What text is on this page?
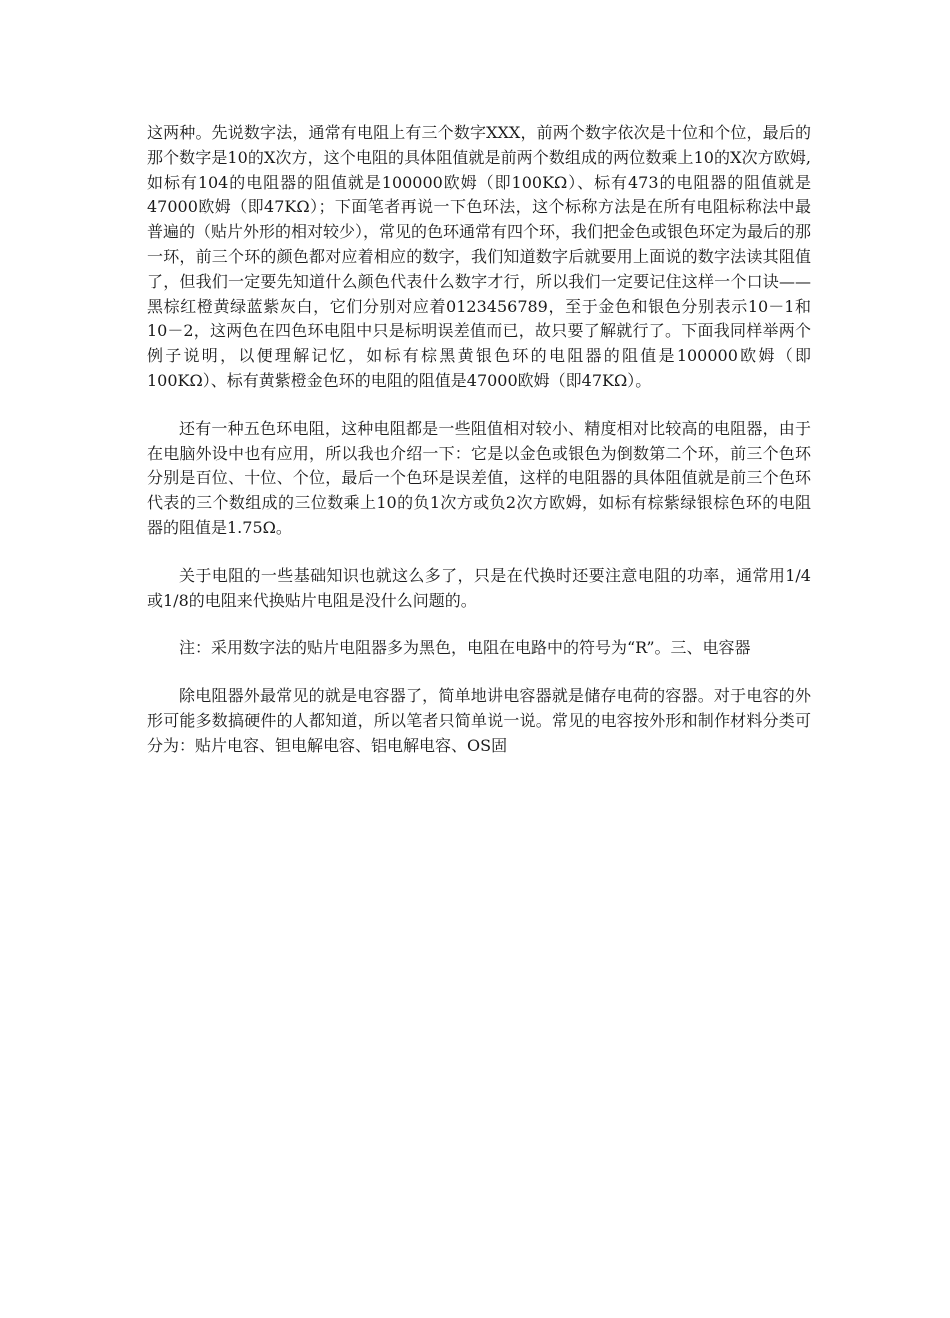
这两种。先说数字法，通常有电阻上有三个数字XXX，前两个数字依次是十位和个位，最后的那个数字是10的X次方，这个电阻的具体阻值就是前两个数组成的两位数乘上10的X次方欧姆,如标有104的电阻器的阻值就是100000欧姆（即100KΩ）、标有473的电阻器的阻值就是47000欧姆（即47KΩ）；下面笔者再说一下色环法，这个标称方法是在所有电阻标称法中最普遍的（贴片外形的相对较少），常见的色环通常有四个环，我们把金色或银色环定为最后的那一环，前三个环的颜色都对应着相应的数字，我们知道数字后就要用上面说的数字法读其阻值了，但我们一定要先知道什么颜色代表什么数字才行，所以我们一定要记住这样一个口诀——黑棕红橙黄绿蓝紫灰白，它们分别对应着0123456789，至于金色和银色分别表示10－1和10－2，这两色在四色环电阻中只是标明误差值而已，故只要了解就行了。下面我同样举两个例子说明，以便理解记忆，如标有棕黑黄银色环的电阻器的阻值是100000欧姆（即100KΩ）、标有黄紫橙金色环的电阻的阻值是47000欧姆（即47KΩ）。

还有一种五色环电阻，这种电阻都是一些阻值相对较小、精度相对比较高的电阻器，由于在电脑外设中也有应用，所以我也介绍一下：它是以金色或银色为倒数第二个环，前三个色环分别是百位、十位、个位，最后一个色环是误差值，这样的电阻器的具体阻值就是前三个色环代表的三个数组成的三位数乘上10的负1次方或负2次方欧姆，如标有棕紫绿银棕色环的电阻器的阻值是1.75Ω。

关于电阻的一些基础知识也就这么多了，只是在代换时还要注意电阻的功率，通常用1/4或1/8的电阻来代换贴片电阻是没什么问题的。

注：采用数字法的贴片电阻器多为黑色，电阻在电路中的符号为“R”。三、电容器

除电阻器外最常见的就是电容器了，简单地讲电容器就是储存电荷的容器。对于电容的外形可能多数搞硬件的人都知道，所以笔者只简单说一说。常见的电容按外形和制作材料分类可分为：贴片电容、钽电解电容、铝电解电容、OS固
